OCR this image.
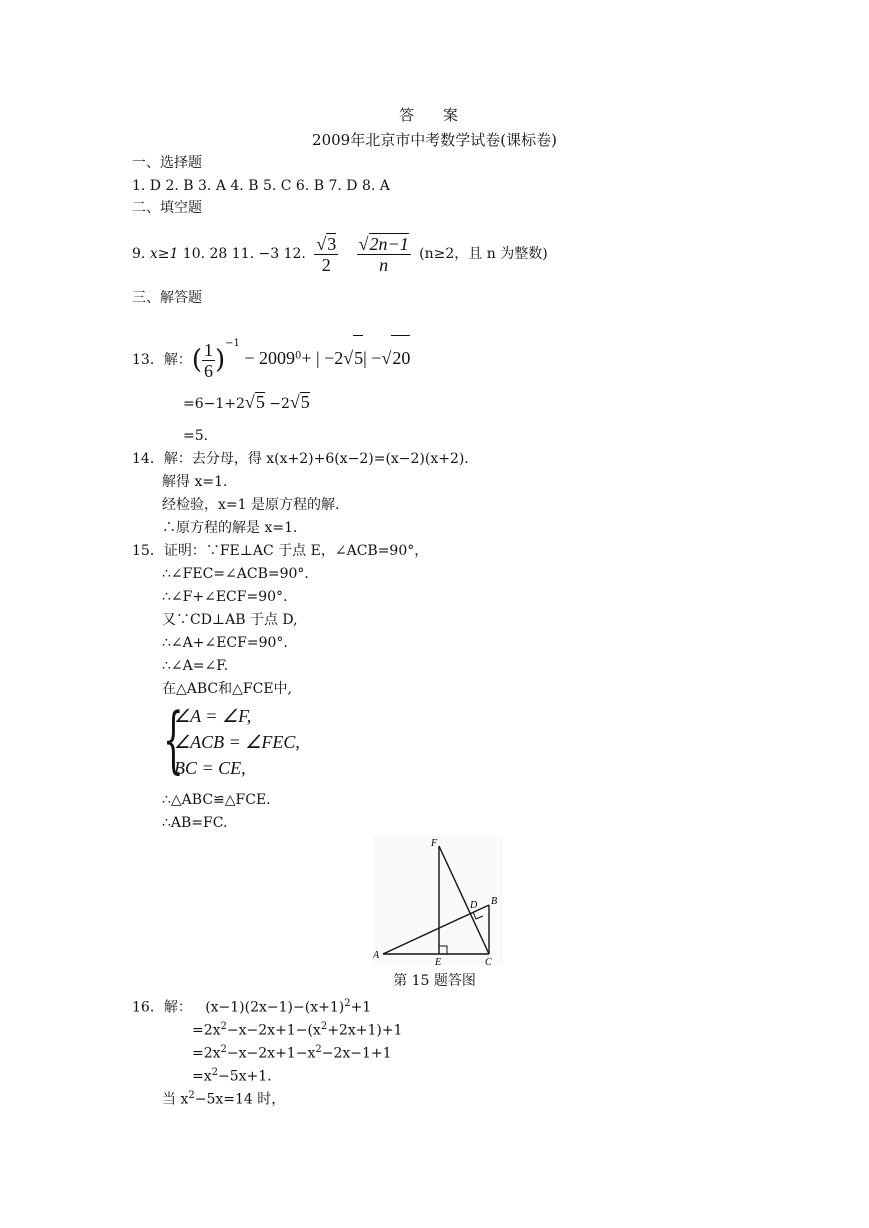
答 案
2009年北京市中考数学试卷(课标卷)
一、选择题
1. D 2. B 3. A 4. B 5. C 6. B 7. D 8. A
二、填空题
9. x≥1 10. 28 11. −3 12. $\frac{√3}{2}$
$\frac{√2n-1}{n} (n\ge 2$，且 n 为整数)
三、解答题
13．解：( $\frac{1}{6} )^{-1} - 2009^0+$ | −2√5| −√20
=6−1+2√5 −2√5
=5.
14．解：去分母，得 x(x+2)+6(x−2)=(x−2)(x+2).
解得 x=1.
经检验，x=1 是原方程的解.
∴原方程的解是 x=1.
15．证明：∵FE⊥AC 于点 E，∠ACB=90°，
∴∠FEC=∠ACB=90°.
∴∠F+∠ECF=90°.
又∵CD⊥AB 于点 D,
∴∠A+∠ECF=90°.
∴∠A=∠F.
在△ABC和△FCE中,
{
∠A = ∠F,
∠ACB = ∠FEC,
BC = CE,
∴△ABC≌△FCE.
∴AB=FC.
F
B
D
A
E	C
第 15 题答图
16．解： $(x-1)(2x-1)-(x+1)^2+1$
$=2x^2-x-2x+1-(x^2+2x+1)+1$
$=2x^2-x-2x+1-x^2-2x-1+1$
$=x^2-5x+1$.
当 $x^2-5x=14$ 时，
